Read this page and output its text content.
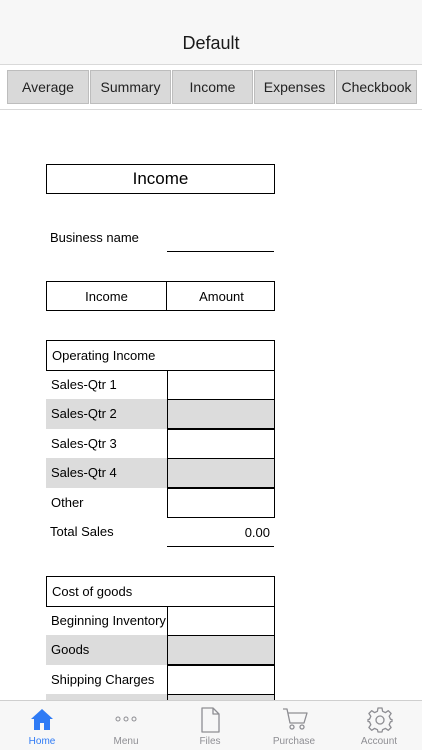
Default
Average	Summary	Income	Expenses	Checkbook
Income
Business name
Income	Amount
Operating Income
Sales-Qtr 1
Sales-Qtr 2
Sales-Qtr 3
Sales-Qtr 4
Other
Total Sales	0.00
Cost of goods
Beginning Inventory
Goods
Shipping Charges
Home	Menu	Files	Purchase	Account
